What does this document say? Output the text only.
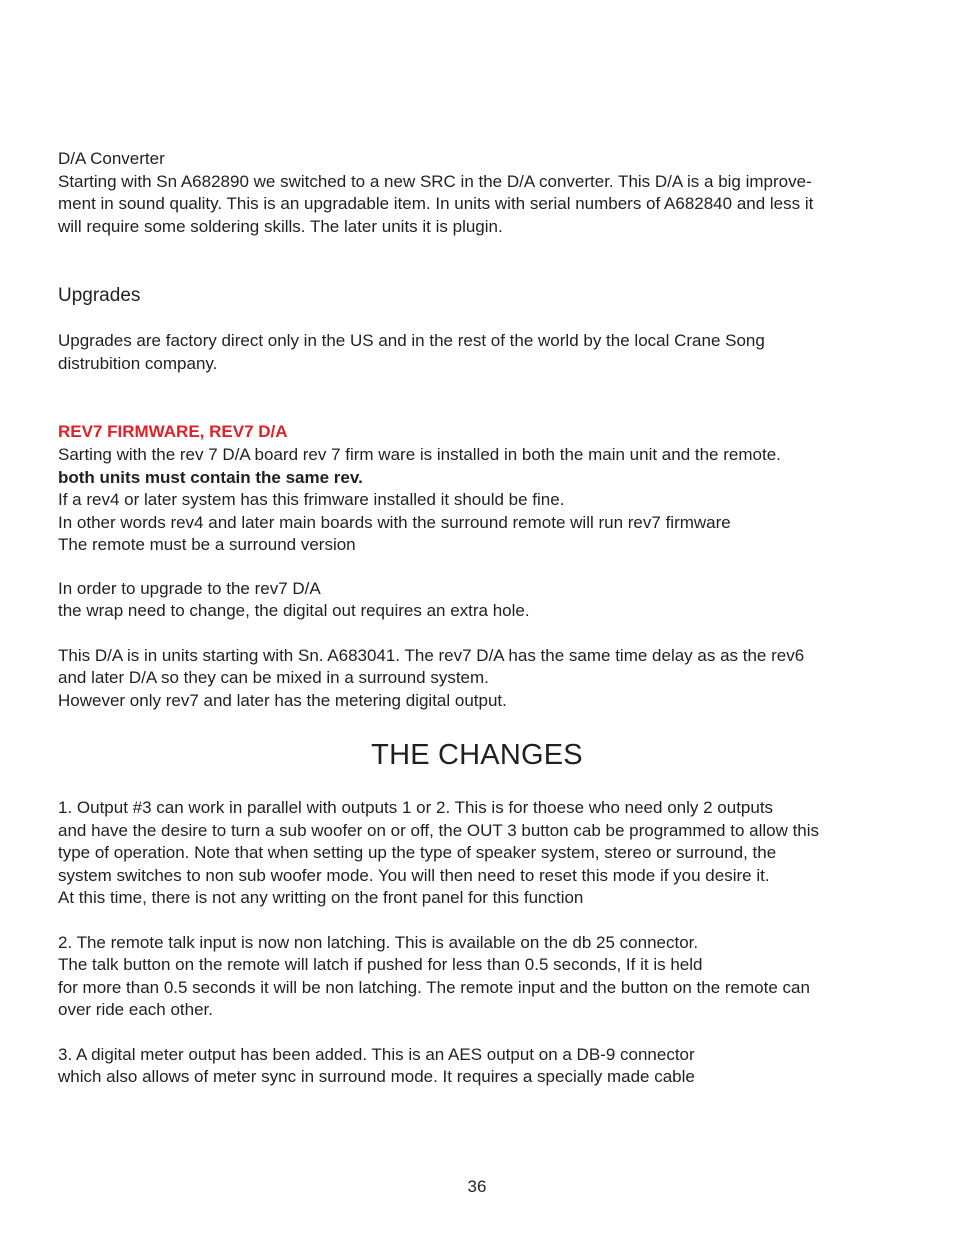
D/A Converter
Starting with Sn A682890 we switched to a new SRC in the D/A converter. This D/A is a big improve-
ment in sound quality. This is an upgradable item. In units with serial numbers of A682840 and less it
will require some soldering skills. The later units it is plugin.
Upgrades
Upgrades are factory direct only in the US and in the rest of the world by the local Crane Song
distrubition company.
REV7 FIRMWARE, REV7 D/A
Sarting with the rev 7 D/A board rev 7 firm ware is installed in both the main unit and the remote.
both units must contain the same rev.
If a rev4 or later system has this frimware installed it should be fine.
In other words rev4 and later main boards with the surround remote will run rev7 firmware
The remote must be a surround version
In order to upgrade to the rev7 D/A
the wrap need to change, the digital out requires an extra hole.
This D/A is in units starting with Sn. A683041. The rev7 D/A has the same time delay as as the rev6
and later D/A so they can be mixed in a surround system.
However only rev7 and later has the metering digital output.
THE CHANGES
1. Output #3 can work in parallel with outputs 1 or 2. This is for thoese who need only 2 outputs
and have the desire to turn a sub woofer on or off, the OUT 3 button cab be programmed to allow this
type of operation. Note that when setting up the type of speaker system, stereo or surround, the
system switches to non sub woofer mode. You will then need to reset this mode if you desire it.
At this time, there is not any writting on the front panel for this function
2. The remote talk input is now non latching. This is available on the db 25 connector.
The talk button on the remote will latch if pushed for less than 0.5 seconds, If it is held
for more than 0.5 seconds it will be non latching. The remote input and the button on the remote can
over ride each other.
3. A digital meter output has been added. This is an AES output on a DB-9 connector
which also allows of meter sync in surround mode. It requires a specially made cable
36
